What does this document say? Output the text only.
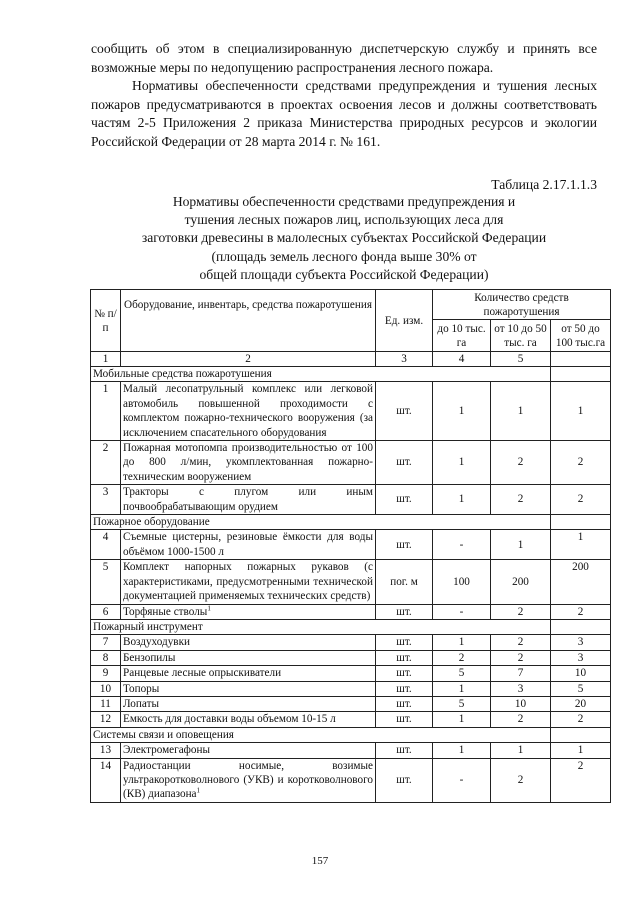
сообщить об этом в специализированную диспетчерскую службу и принять все возможные меры по недопущению распространения лесного пожара.

Нормативы обеспеченности средствами предупреждения и тушения лесных пожаров предусматриваются в проектах освоения лесов и должны соответствовать частям 2-5 Приложения 2 приказа Министерства природных ресурсов и экологии Российской Федерации от 28 марта 2014 г. № 161.

Таблица 2.17.1.1.3

Нормативы обеспеченности средствами предупреждения и
тушения лесных пожаров лиц, использующих леса для
заготовки древесины в малолесных субъектах Российской Федерации
(площадь земель лесного фонда выше 30% от
общей площади субъекта Российской Федерации)

№ п/п	Оборудование, инвентарь, средства пожаротушения	Ед. изм.	Количество средств пожаротушения		
			до 10 тыс. га	от 10 до 50 тыс. га	от 50 до 100 тыс.га
1	2	3	4	5	
Мобильные средства пожаротушения					
1	Малый лесопатрульный комплекс или легковой автомобиль повышенной проходимости с комплектом пожарно-технического вооружения (за исключением спасательного оборудования	шт.	1	1	1
2	Пожарная мотопомпа производительностью от 100 до 800 л/мин, укомплектованная пожарно-техническим вооружением	шт.	1	2	2
3	Тракторы с плугом или иным почвообрабатывающим орудием	шт.	1	2	2
Пожарное оборудование					
4	Съемные цистерны, резиновые ёмкости для воды объёмом 1000-1500 л	шт.	-	1	1
5	Комплект напорных пожарных рукавов (с характеристиками, предусмотренными технической документацией применяемых технических средств)	пог. м	100	200	200
6	Торфяные стволы$^1$	шт.	-	2	2
Пожарный инструмент					
7	Воздуходувки	шт.	1	2	3
8	Бензопилы	шт.	2	2	3
9	Ранцевые лесные опрыскиватели	шт.	5	7	10
10	Топоры	шт.	1	3	5
11	Лопаты	шт.	5	10	20
12	Емкость для доставки воды объемом 10-15 л	шт.	1	2	2
Системы связи и оповещения					
13	Электромегафоны	шт.	1	1	1
14	Радиостанции носимые, возимые ультракоротковолнового (УКВ) и коротковолнового (КВ) диапазона$^1$	шт.	-	2	2

157
